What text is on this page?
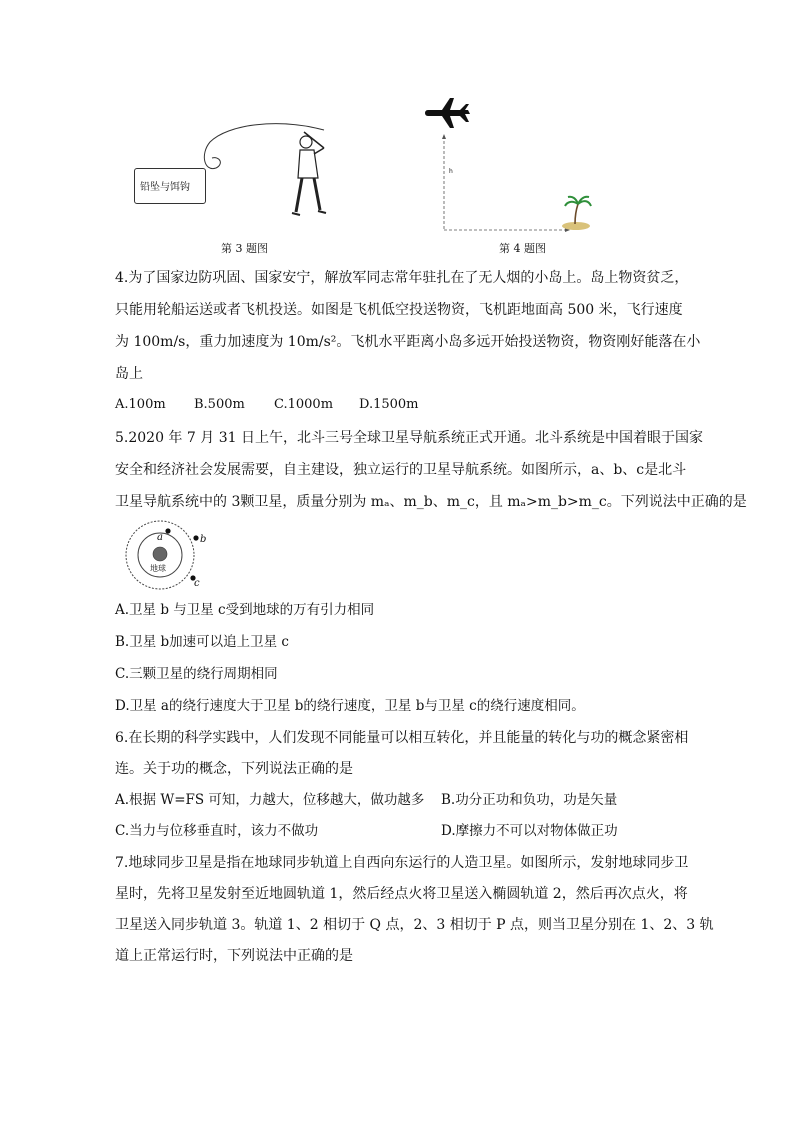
铅坠与饵钩
第 3 题图
h
第 4 题图
4.为了国家边防巩固、国家安宁，解放军同志常年驻扎在了无人烟的小岛上。岛上物资贫乏，
只能用轮船运送或者飞机投送。如图是飞机低空投送物资，飞机距地面高 500 米，飞行速度
为 100m/s，重力加速度为 10m/s²。飞机水平距离小岛多远开始投送物资，物资刚好能落在小
岛上
A.100m B.500m C.1000m D.1500m
5.2020 年 7 月 31 日上午，北斗三号全球卫星导航系统正式开通。北斗系统是中国着眼于国家
安全和经济社会发展需要，自主建设，独立运行的卫星导航系统。如图所示，a、b、c是北斗
卫星导航系统中的 3颗卫星，质量分别为 mₐ、m_b、m_c，且 mₐ>m_b>m_c。下列说法中正确的是
a	b
c
地球
A.卫星 b 与卫星 c受到地球的万有引力相同
B.卫星 b加速可以追上卫星 c
C.三颗卫星的绕行周期相同
D.卫星 a的绕行速度大于卫星 b的绕行速度，卫星 b与卫星 c的绕行速度相同。
6.在长期的科学实践中，人们发现不同能量可以相互转化，并且能量的转化与功的概念紧密相
连。关于功的概念，下列说法正确的是
A.根据 W=FS 可知，力越大，位移越大，做功越多 B.功分正功和负功，功是矢量
C.当力与位移垂直时，该力不做功	D.摩擦力不可以对物体做正功
7.地球同步卫星是指在地球同步轨道上自西向东运行的人造卫星。如图所示，发射地球同步卫
星时，先将卫星发射至近地圆轨道 1，然后经点火将卫星送入椭圆轨道 2，然后再次点火，将
卫星送入同步轨道 3。轨道 1、2 相切于 Q 点，2、3 相切于 P 点，则当卫星分别在 1、2、3 轨
道上正常运行时，下列说法中正确的是
